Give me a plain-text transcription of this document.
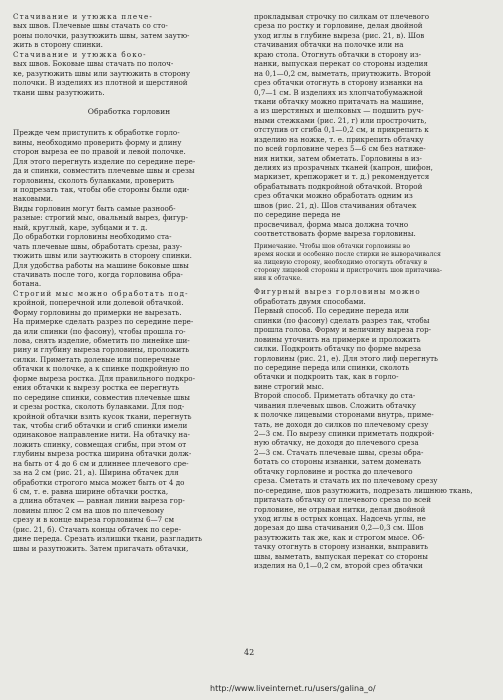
Стачивание и утюжка плече-
вых швов. Плечевые швы стачать со сто-
роны полочки, разутюжить швы, затем заутю-
жить в сторону спинки.
Стачивание и утюжка боко-
вых швов. Боковые швы стачать по полоч-
ке, разутюжить швы или заутюжить в сторону
полочки. В изделиях из плотной и шерстяной
ткани швы разутюжить.
Обработка горловин
Прежде чем приступить к обработке горло-
вины, необходимо проверить форму и длину
сторон выреза ее по правой и левой полочке.
Для этого перегнуть изделие по середине пере-
да и спинки, совместить плечевые швы и срезы
горловины, сколоть булавками, проверить
и подрезать так, чтобы обе стороны были оди-
наковыми.
Виды горловин могут быть самые разнооб-
разные: строгий мыс, овальный вырез, фигур-
ный, круглый, каре, зубцами и т. д.
До обработки горловины необходимо ста-
чать плечевые швы, обработать срезы, разу-
тюжить швы или заутюжить в сторону спинки.
Для удобства работы на машине боковые швы
стачивать после того, когда горловина обра-
ботана.
Строгий мыс можно обработать под-
кройной, поперечной или долевой обтачкой.
Форму горловины до примерки не вырезать.
На примерке сделать разрез по середине пере-
да или спинки (по фасону), чтобы прошла го-
лова, снять изделие, обметить по линейке ши-
рину и глубину выреза горловины, проложить
силки. Приметать долевые или поперечные
обтачки к полочке, а к спинке подкройную по
форме выреза ростка. Для правильного подкро-
ения обтачки к вырезу ростка ее перегнуть
по середине спинки, совместив плечевые швы
и срезы ростка, сколоть булавками. Для под-
кройной обтачки взять кусок ткани, перегнуть
так, чтобы сгиб обтачки и сгиб спинки имели
одинаковое направление нити. На обтачку на-
ложить спинку, совмещая сгибы, при этом от
глубины выреза ростка ширина обтачки долж-
на быть от 4 до 6 см и длиннее плечевого сре-
за на 2 см (рис. 21, а). Ширина обтачек для
обработки строгого мыса может быть от 4 до
6 см, т. е. равна ширине обтачки ростка,
а длина обтачек — равная линии выреза гор-
ловины плюс 2 см на шов по плечевому
срезу и в конце выреза горловины 6—7 см
(рис. 21, б). Стачать концы обтачек по сере-
дине переда. Срезать излишки ткани, разгладить
швы и разутюжить. Затем пригачать обтачки,
прокладывая строчку по силкам от плечевого
среза по ростку и горловине, делая двойной
уход иглы в глубине выреза (рис. 21, в). Шов
стачивания обтачки на полочке или на
краю стола. Отогнуть обтачки в сторону из-
нанки, выпуская перекат со стороны изделия
на 0,1—0,2 см, выметать, приутюжить. Второй
срез обтачки отогнуть в сторону изнанки на
0,7—1 см. В изделиях из хлопчатобумажной
ткани обтачку можно притачать на машине,
а из шерстяных и шелковых — подшить руч-
ными стежками (рис. 21, г) или прострочить,
отступив от сгиба 0,1—0,2 см, и прикрепить к
изделию на ножке, т. е. прикрепить обтачку
по всей горловине через 5—6 см без натяже-
ния нитки, затем обметать. Горловины в из-
делиях из прозрачных тканей (капрон, шифон,
маркизет, крепжоржет и т. д.) рекомендуется
обрабатывать подкройной обтачкой. Второй
срез обтачки можно обработать одним из
швов (рис. 21, д). Шов стачивания обтачек
по середине переда не
просвечивал, форма мыса должна точно
соответствовать форме выреза горловины.
Примечание. Чтобы шов обтачки горловины во
время носки и особенно после стирки не выворачивался
на лицевую сторону, необходимо отогнуть обтачку в
сторону лицевой стороны и пристрочить шов притачива-
ния к обтачке.
Фигурный вырез горловины можно
обработать двумя способами.
Первый способ. По середине переда или
спинки (по фасону) сделать разрез так, чтобы
прошла голова. Форму и величину выреза гор-
ловины уточнить на примерке и проложить
силки. Подкроить обтачку по форме выреза
горловины (рис. 21, е). Для этого лиф перегнуть
по середине переда или спинки, сколоть
обтачки и подкроить так, как в горло-
вине строгий мыс.
Второй способ. Приметать обтачку до ста-
чивания плечевых швов. Сложить обтачку
к полочке лицевыми сторонами внутрь, приме-
тать, не доходя до силков по плечевому срезу
2—3 см. По вырезу спинки приметать подкрой-
ную обтачку, не доходя до плечевого среза
2—3 см. Стачать плечевые швы, срезы обра-
ботать со стороны изнанки, затем доменать
обтачку горловине и ростка до плечевого
среза. Сметать и стачать их по плечевому срезу
по-середине, шов разутюжить, подрезать лишнюю ткань,
притачать обтачку от плечевого среза по всей
горловине, не отрывая нитки, делая двойной
уход иглы в острых концах. Надсечь углы, не
дорезая до шва стачивания 0,2—0,3 см. Шов
разутюжить так же, как и строгом мысе. Об-
тачку отогнуть в сторону изнанки, выправить
швы, выметать, выпуская перекат со стороны
изделия на 0,1—0,2 см, второй срез обтачки
42
http://www.liveinternet.ru/users/galina_o/
